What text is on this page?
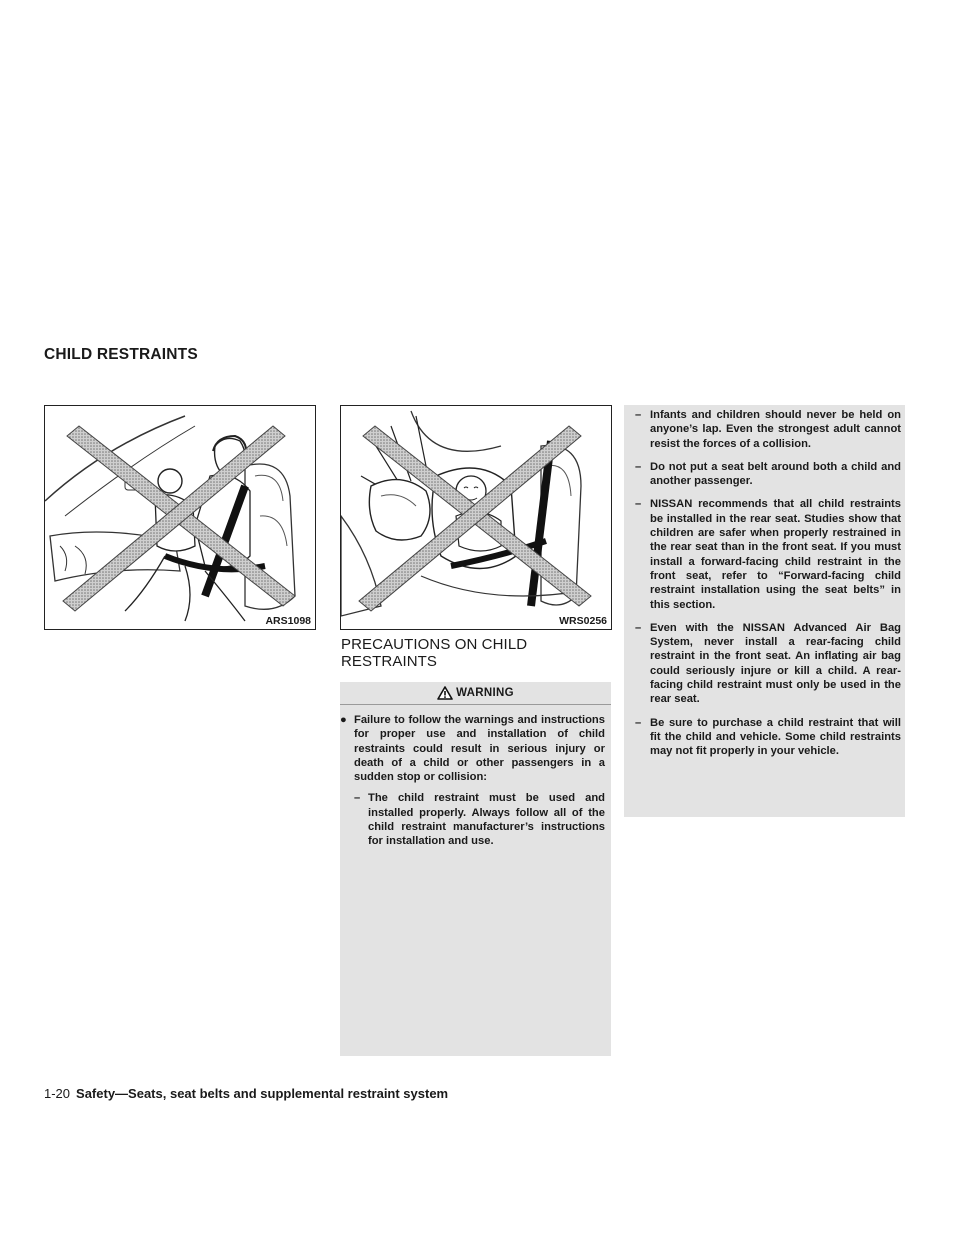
CHILD RESTRAINTS
ARS1098	WRS0256
PRECAUTIONS ON CHILD RESTRAINTS
WARNING
● Failure to follow the warnings and instructions for proper use and installation of child restraints could result in serious injury or death of a child or other passengers in a sudden stop or collision:
– The child restraint must be used and installed properly. Always follow all of the child restraint manufacturer’s instructions for installation and use.
– Infants and children should never be held on anyone’s lap. Even the strongest adult cannot resist the forces of a collision.
– Do not put a seat belt around both a child and another passenger.
– NISSAN recommends that all child restraints be installed in the rear seat. Studies show that children are safer when properly restrained in the rear seat than in the front seat. If you must install a forward-facing child restraint in the front seat, refer to “Forward-facing child restraint installation using the seat belts” in this section.
– Even with the NISSAN Advanced Air Bag System, never install a rear-facing child restraint in the front seat. An inflating air bag could seriously injure or kill a child. A rear-facing child restraint must only be used in the rear seat.
– Be sure to purchase a child restraint that will fit the child and vehicle. Some child restraints may not fit properly in your vehicle.
1-20 Safety—Seats, seat belts and supplemental restraint system
